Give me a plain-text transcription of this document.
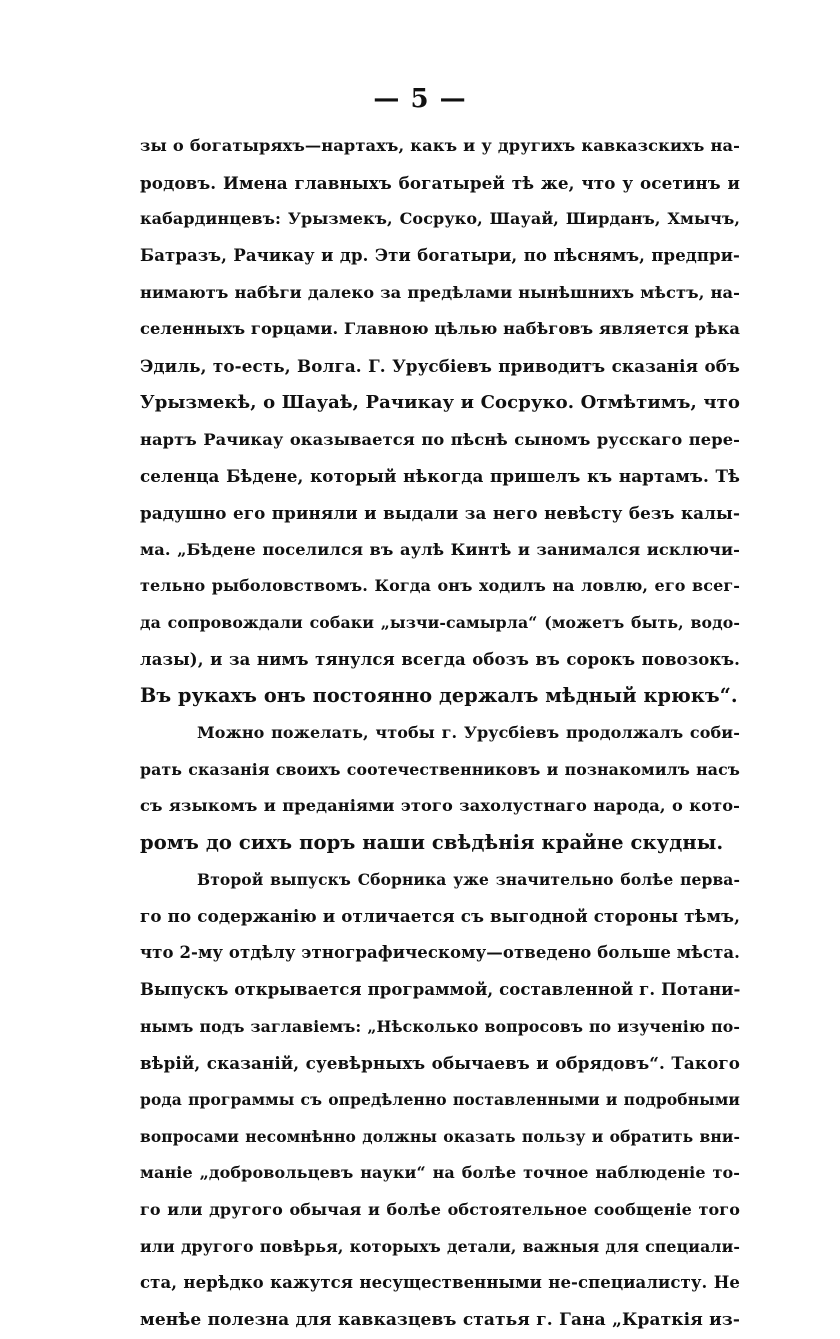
— 5 —
зы о богатыряхъ—нартахъ, какъ и у другихъ кавказскихъ на-
родовъ. Имена главныхъ богатырей тѣ же, что у осетинъ и
кабардинцевъ: Урызмекъ, Сосруко, Шауай, Ширданъ, Хмычъ,
Батразъ, Рачикау и др. Эти богатыри, по пѣснямъ, предпри-
нимаютъ набѣги далеко за предѣлами нынѣшнихъ мѣстъ, на-
селенныхъ горцами. Главною цѣлью набѣговъ является рѣка
Эдиль, то-есть, Волга. Г. Урусбіевъ приводитъ сказанія объ
Урызмекѣ, о Шауаѣ, Рачикау и Сосруко. Отмѣтимъ, что
нартъ Рачикау оказывается по пѣснѣ сыномъ русскаго пере-
селенца Бѣдене, который нѣкогда пришелъ къ нартамъ. Тѣ
радушно его приняли и выдали за него невѣсту безъ калы-
ма. „Бѣдене поселился въ аулѣ Кинтѣ и занимался исключи-
тельно рыболовствомъ. Когда онъ ходилъ на ловлю, его всег-
да сопровождали собаки „ызчи-самырла“ (можетъ быть, водо-
лазы), и за нимъ тянулся всегда обозъ въ сорокъ повозокъ.
Въ рукахъ онъ постоянно держалъ мѣдный крюкъ“.
Можно пожелать, чтобы г. Урусбіевъ продолжалъ соби-
рать сказанія своихъ соотечественниковъ и познакомилъ насъ
съ языкомъ и преданіями этого захолустнаго народа, о кото-
ромъ до сихъ поръ наши свѣдѣнія крайне скудны.
Второй выпускъ Сборника уже значительно болѣе перва-
го по содержанію и отличается съ выгодной стороны тѣмъ,
что 2-му отдѣлу этнографическому—отведено больше мѣста.
Выпускъ открывается программой, составленной г. Потани-
нымъ подъ заглавіемъ: „Нѣсколько вопросовъ по изученію по-
вѣрій, сказаній, суевѣрныхъ обычаевъ и обрядовъ“. Такого
рода программы съ опредѣленно поставленными и подробными
вопросами несомнѣнно должны оказать пользу и обратить вни-
маніе „добровольцевъ науки“ на болѣе точное наблюденіе то-
го или другого обычая и болѣе обстоятельное сообщеніе того
или другого повѣрья, которыхъ детали, важныя для специали-
ста, нерѣдко кажутся несущественными не-специалисту. Не
менѣе полезна для кавказцевъ статья г. Гана „Краткія из-
